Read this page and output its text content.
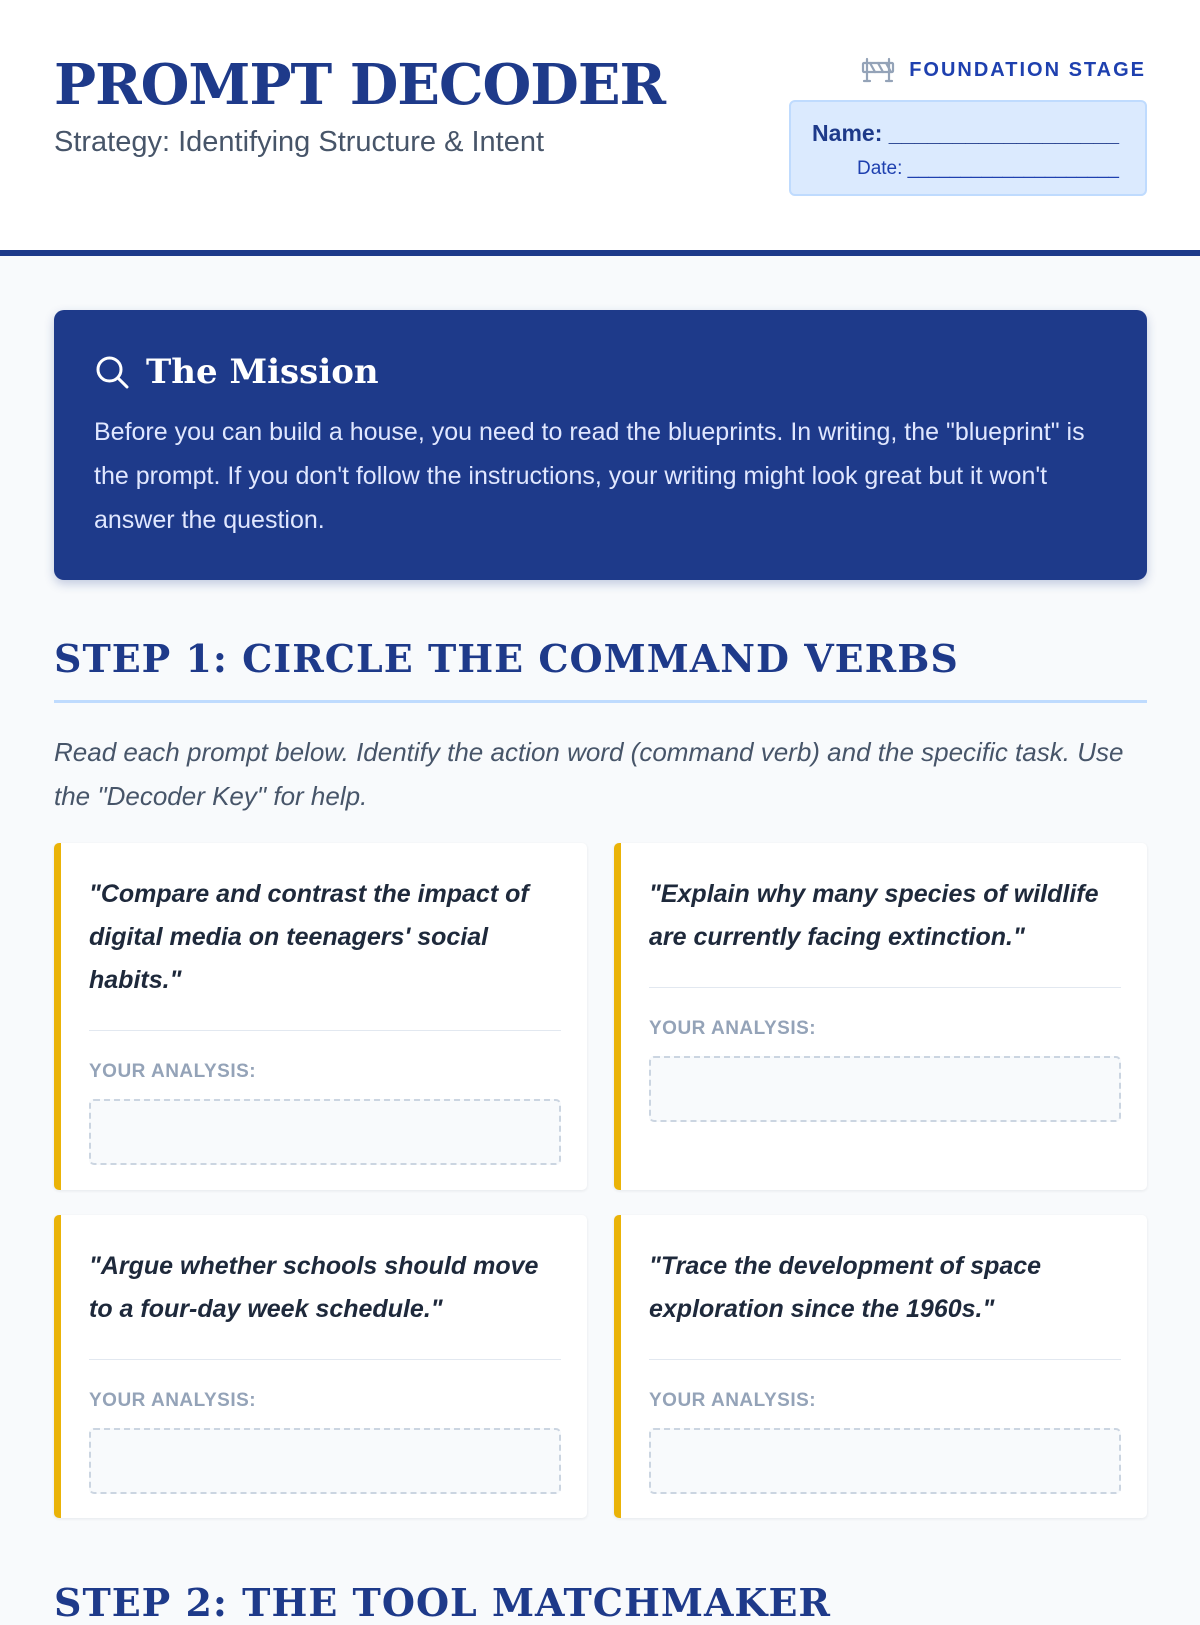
PROMPT DECODER
Strategy: Identifying Structure & Intent
FOUNDATION STAGE
Name: __________________
Date: ____________________
The Mission

Before you can build a house, you need to read the blueprints. In writing, the "blueprint" is the prompt. If you don't follow the instructions, your writing might look great but it won't answer the question.

STEP 1: CIRCLE THE COMMAND VERBS

Read each prompt below. Identify the action word (command verb) and the specific task. Use the "Decoder Key" for help.

"Compare and contrast the impact of digital media on teenagers' social habits."

YOUR ANALYSIS:

"Explain why many species of wildlife are currently facing extinction."

YOUR ANALYSIS:

"Argue whether schools should move to a four-day week schedule."

YOUR ANALYSIS:

"Trace the development of space exploration since the 1960s."

YOUR ANALYSIS:
STEP 2: THE TOOL MATCHMAKER
